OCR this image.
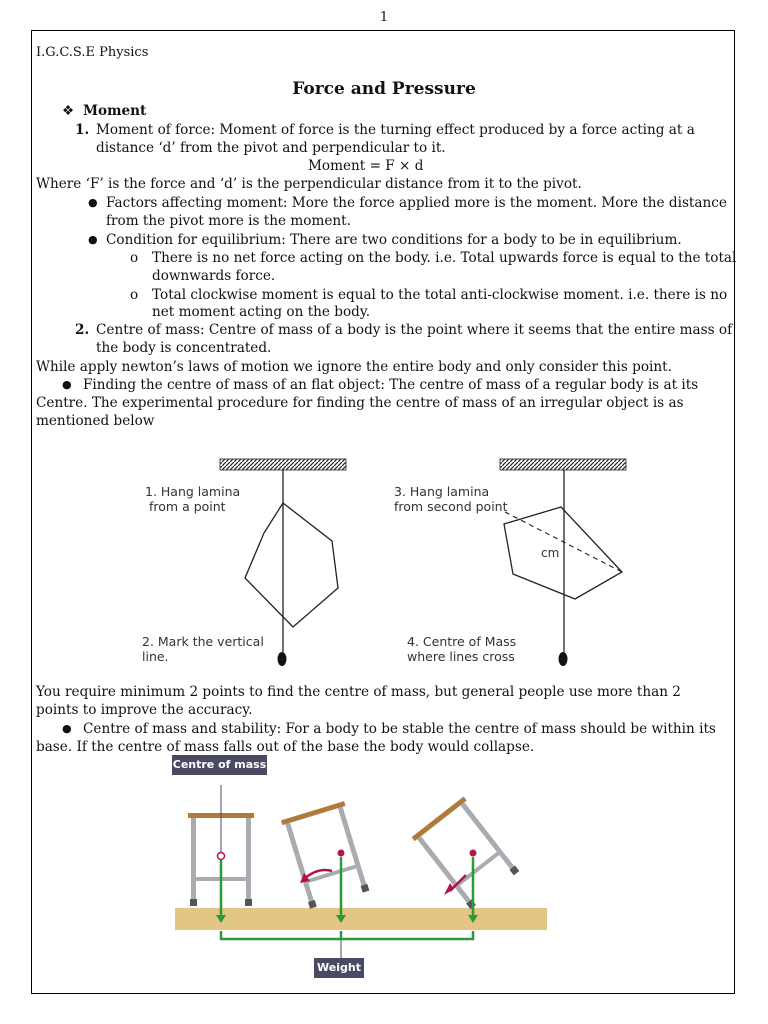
1
I.G.C.S.E Physics
Force and Pressure
❖ Moment
1. Moment of force: Moment of force is the turning effect produced by a force acting at a
distance ‘d’ from the pivot and perpendicular to it.
Moment = F × d
Where ‘F’ is the force and ‘d’ is the perpendicular distance from it to the pivot.
● Factors affecting moment: More the force applied more is the moment. More the distance
from the pivot more is the moment.
● Condition for equilibrium: There are two conditions for a body to be in equilibrium.
o There is no net force acting on the body. i.e. Total upwards force is equal to the total
downwards force.
o Total clockwise moment is equal to the total anti-clockwise moment. i.e. there is no
net moment acting on the body.
2. Centre of mass: Centre of mass of a body is the point where it seems that the entire mass of
the body is concentrated.
While apply newton’s laws of motion we ignore the entire body and only consider this point.
● Finding the centre of mass of an flat object: The centre of mass of a regular body is at its
Centre. The experimental procedure for finding the centre of mass of an irregular object is as
mentioned below
cm
1. Hang lamina
from a point
2. Mark the vertical
line.
3. Hang lamina
from second point
4. Centre of Mass
where lines cross
You require minimum 2 points to find the centre of mass, but general people use more than 2
points to improve the accuracy.
● Centre of mass and stability: For a body to be stable the centre of mass should be within its
base. If the centre of mass falls out of the base the body would collapse.
Centre of mass
Weight
